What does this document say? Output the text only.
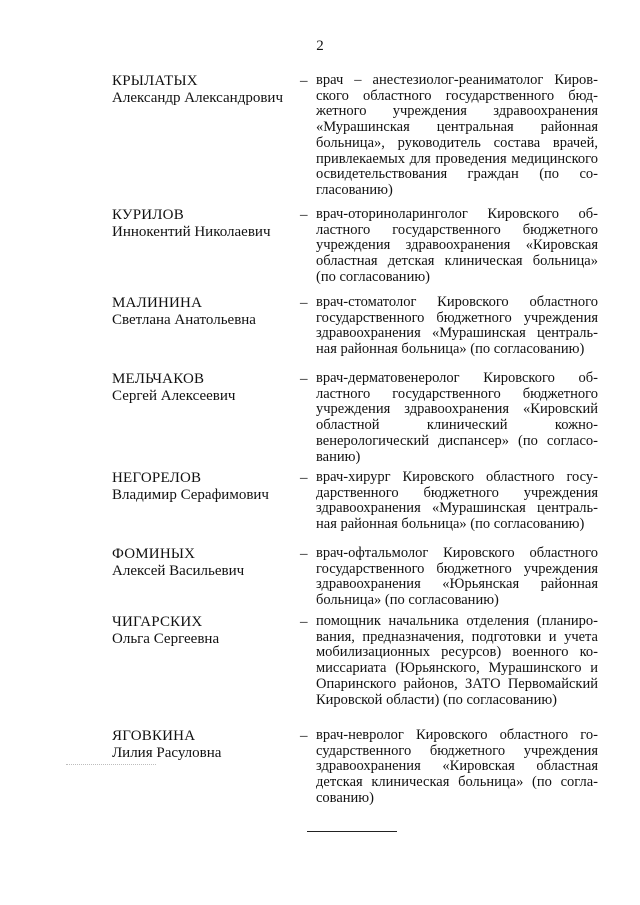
2
КРЫЛАТЫХ
Александр Александрович
– врач – анестезиолог-реаниматолог Кировского областного государственного бюджетного учреждения здравоохранения «Мурашинская центральная районная больница», руководитель состава врачей, привлекаемых для проведения медицинского освидетельствования граждан (по согласованию)
КУРИЛОВ
Иннокентий Николаевич
– врач-оториноларинголог Кировского областного государственного бюджетного учреждения здравоохранения «Кировская областная детская клиническая больница» (по согласованию)
МАЛИНИНА
Светлана Анатольевна
– врач-стоматолог Кировского областного государственного бюджетного учреждения здравоохранения «Мурашинская центральная районная больница» (по согласованию)
МЕЛЬЧАКОВ
Сергей Алексеевич
– врач-дерматовенеролог Кировского областного государственного бюджетного учреждения здравоохранения «Кировский областной клинический кожновенерологический диспансер» (по согласованию)
НЕГОРЕЛОВ
Владимир Серафимович
– врач-хирург Кировского областного государственного бюджетного учреждения здравоохранения «Мурашинская центральная районная больница» (по согласованию)
ФОМИНЫХ
Алексей Васильевич
– врач-офтальмолог Кировского областного государственного бюджетного учреждения здравоохранения «Юрьянская районная больница» (по согласованию)
ЧИГАРСКИХ
Ольга Сергеевна
– помощник начальника отделения (планирования, предназначения, подготовки и учета мобилизационных ресурсов) военного комиссариата (Юрьянского, Мурашинского и Опаринского районов, ЗАТО Первомайский Кировской области) (по согласованию)
ЯГОВКИНА
Лилия Расуловна
– врач-невролог Кировского областного государственного бюджетного учреждения здравоохранения «Кировская областная детская клиническая больница» (по согласованию)
